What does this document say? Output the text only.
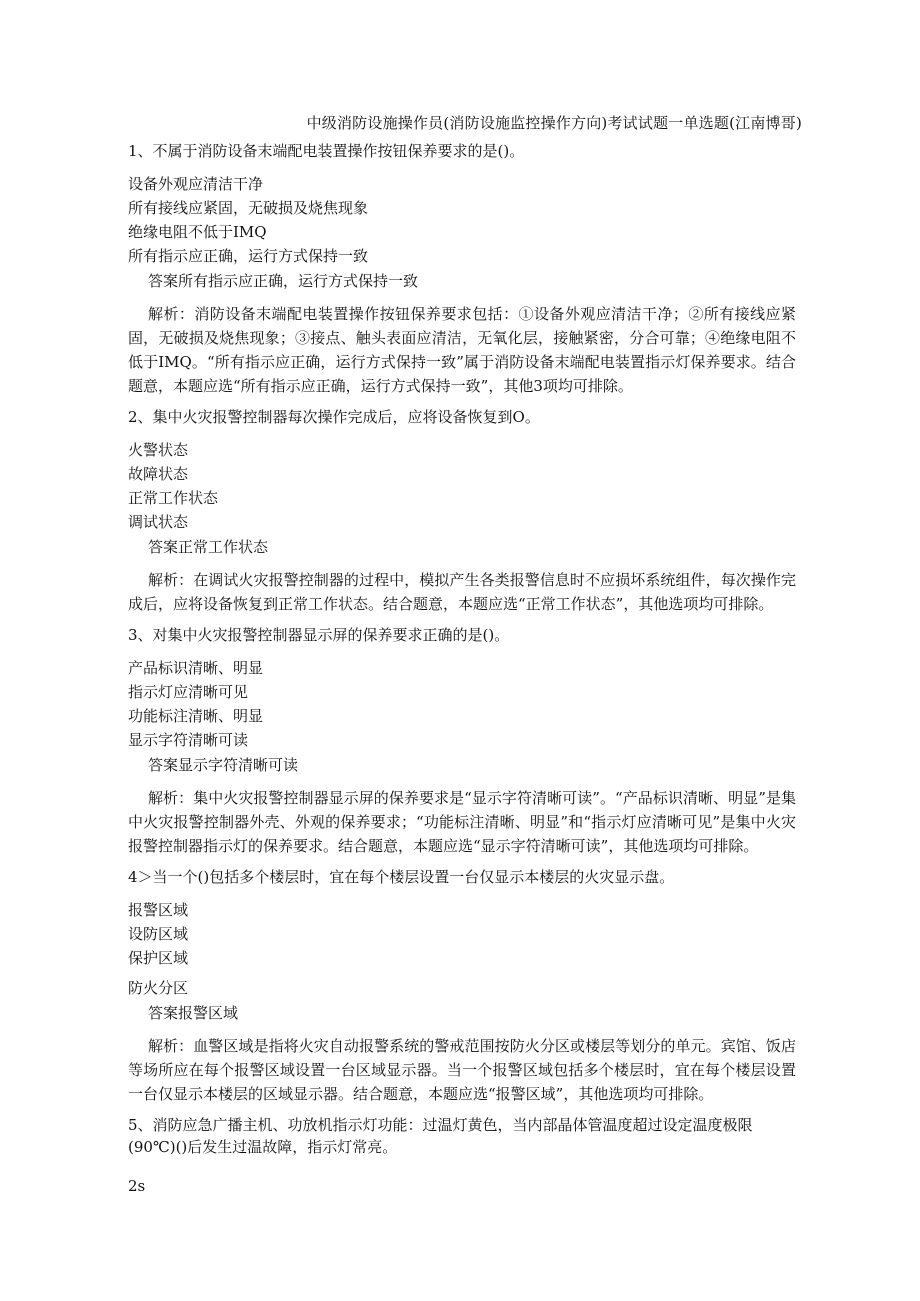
中级消防设施操作员(消防设施监控操作方向)考试试题一单选题(江南博哥)
1、不属于消防设备末端配电装置操作按钮保养要求的是()。
设备外观应清洁干净
所有接线应紧固，无破损及烧焦现象
绝缘电阻不低于IMQ
所有指示应正确，运行方式保持一致
答案所有指示应正确，运行方式保持一致
解析：消防设备末端配电装置操作按钮保养要求包括：①设备外观应清洁干净；②所有接线应紧固，无破损及烧焦现象；③接点、触头表面应清洁，无氧化层，接触紧密，分合可靠；④绝缘电阻不低于IMQ。“所有指示应正确，运行方式保持一致”属于消防设备末端配电装置指示灯保养要求。结合题意，本题应选“所有指示应正确，运行方式保持一致”，其他3项均可排除。
2、集中火灾报警控制器每次操作完成后，应将设备恢复到O。
火警状态
故障状态
正常工作状态
调试状态
答案正常工作状态
解析：在调试火灾报警控制器的过程中，模拟产生各类报警信息时不应损坏系统组件，每次操作完成后，应将设备恢复到正常工作状态。结合题意，本题应选“正常工作状态”，其他选项均可排除。
3、对集中火灾报警控制器显示屏的保养要求正确的是()。
产品标识清晰、明显
指示灯应清晰可见
功能标注清晰、明显
显示字符清晰可读
答案显示字符清晰可读
解析：集中火灾报警控制器显示屏的保养要求是“显示字符清晰可读”。“产品标识清晰、明显”是集中火灾报警控制器外壳、外观的保养要求；“功能标注清晰、明显”和“指示灯应清晰可见”是集中火灾报警控制器指示灯的保养要求。结合题意，本题应选“显示字符清晰可读”，其他选项均可排除。
4＞当一个()包括多个楼层时，宜在每个楼层设置一台仅显示本楼层的火灾显示盘。
报警区域
设防区域
保护区域
防火分区
答案报警区域
解析：血警区域是指将火灾自动报警系统的警戒范围按防火分区或楼层等划分的单元。宾馆、饭店等场所应在每个报警区域设置一台区域显示器。当一个报警区域包括多个楼层时，宜在每个楼层设置一台仅显示本楼层的区域显示器。结合题意，本题应选“报警区域”，其他选项均可排除。
5、消防应急广播主机、功放机指示灯功能：过温灯黄色，当内部晶体管温度超过设定温度极限(90℃)()后发生过温故障，指示灯常亮。
2s
